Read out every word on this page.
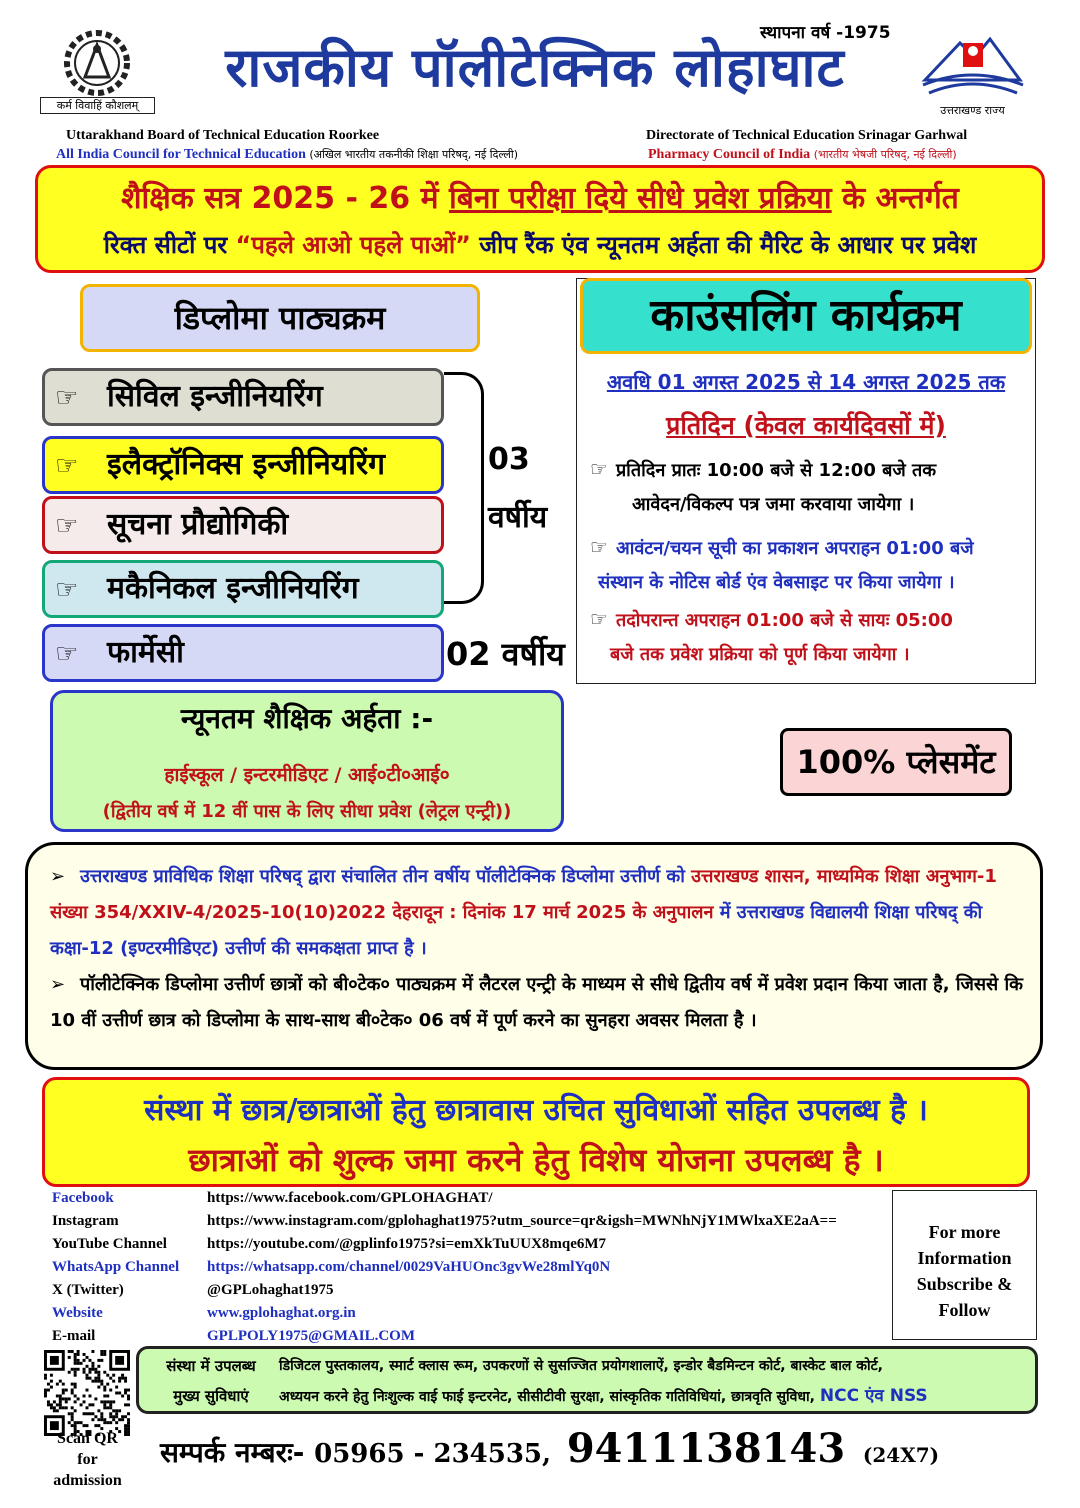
कर्म विवाहिं कौशलम्
स्थापना वर्ष -1975
राजकीय पॉलीटेक्निक लोहाघाट
उत्तराखण्ड राज्य
Uttarakhand Board of Technical Education Roorkee
All India Council for Technical Education (अखिल भारतीय तकनीकी शिक्षा परिषद्, नई दिल्ली)
Directorate of Technical Education Srinagar Garhwal
Pharmacy Council of India (भारतीय भेषजी परिषद्, नई दिल्ली)
शैक्षिक सत्र 2025 - 26 में बिना परीक्षा दिये सीधे प्रवेश प्रक्रिया के अन्तर्गत
रिक्त सीटों पर “पहले आओ पहले पाओं” जीप रैंक एंव न्यूनतम अर्हता की मैरिट के आधार पर प्रवेश
डिप्लोमा पाठ्यक्रम
☞ सिविल इन्जीनियरिंग
☞ इलैक्ट्रॉनिक्स इन्जीनियरिंग
☞ सूचना प्रौद्योगिकी
☞ मकैनिकल इन्जीनियरिंग
☞ फार्मेसी
03
वर्षीय
02 वर्षीय
काउंसलिंग कार्यक्रम
अवधि 01 अगस्त 2025 से 14 अगस्त 2025 तक
प्रतिदिन (केवल कार्यदिवसों में)
☞ प्रतिदिन प्रातः 10:00 बजे से 12:00 बजे तक
आवेदन/विकल्प पत्र जमा करवाया जायेगा ।
☞ आवंटन/चयन सूची का प्रकाशन अपराहन 01:00 बजे
संस्थान के नोटिस बोर्ड एंव वेबसाइट पर किया जायेगा ।
☞ तदोपरान्त अपराहन 01:00 बजे से सायः 05:00
बजे तक प्रवेश प्रक्रिया को पूर्ण किया जायेगा ।
न्यूनतम शैक्षिक अर्हता :-
हाईस्कूल / इन्टरमीडिएट / आई०टी०आई०
(द्वितीय वर्ष में 12 वीं पास के लिए सीधा प्रवेश (लेट्रल एन्ट्री))
100% प्लेसमेंट
➢ उत्तराखण्ड प्राविधिक शिक्षा परिषद् द्वारा संचालित तीन वर्षीय पॉलीटेक्निक डिप्लोमा उत्तीर्ण को उत्तराखण्ड शासन, माध्यमिक शिक्षा अनुभाग-1 संख्या 354/XXIV-4/2025-10(10)2022 देहरादून : दिनांक 17 मार्च 2025 के अनुपालन में उत्तराखण्ड विद्यालयी शिक्षा परिषद् की कक्षा-12 (इण्टरमीडिएट) उत्तीर्ण की समकक्षता प्राप्त है ।
➢ पॉलीटेक्निक डिप्लोमा उत्तीर्ण छात्रों को बी०टेक० पाठ्यक्रम में लैटरल एन्ट्री के माध्यम से सीधे द्वितीय वर्ष में प्रवेश प्रदान किया जाता है, जिससे कि 10 वीं उत्तीर्ण छात्र को डिप्लोमा के साथ-साथ बी०टेक० 06 वर्ष में पूर्ण करने का सुनहरा अवसर मिलता है ।
संस्था में छात्र/छात्राओं हेतु छात्रावास उचित सुविधाओं सहित उपलब्ध है ।
छात्राओं को शुल्क जमा करने हेतु विशेष योजना उपलब्ध है ।
Facebook	https://www.facebook.com/GPLOHAGHAT/
Instagram	https://www.instagram.com/gplohaghat1975?utm_source=qr&igsh=MWNhNjY1MWlxaXE2aA==
YouTube Channel	https://youtube.com/@gplinfo1975?si=emXkTuUUX8mqe6M7
WhatsApp Channel https://whatsapp.com/channel/0029VaHUOnc3gvWe28mlYq0N
X (Twitter)	@GPLohaghat1975
Website	www.gplohaghat.org.in
E-mail	GPLPOLY1975@GMAIL.COM
For more
Information
Subscribe &
Follow
Scan QR
for
admission
संस्था में उपलब्ध
मुख्य सुविधाएं
डिजिटल पुस्तकालय, स्मार्ट क्लास रूम, उपकरणों से सुसज्जित प्रयोगशालाऐं, इन्डोर बैडमिन्टन कोर्ट, बास्केट बाल कोर्ट,
अध्ययन करने हेतु निःशुल्क वाई फाई इन्टरनेट, सीसीटीवी सुरक्षा, सांस्कृतिक गतिविधियां, छात्रवृति सुविधा, NCC एंव NSS
सम्पर्क नम्बरः- 05965 - 234535, 9411138143 (24X7)
